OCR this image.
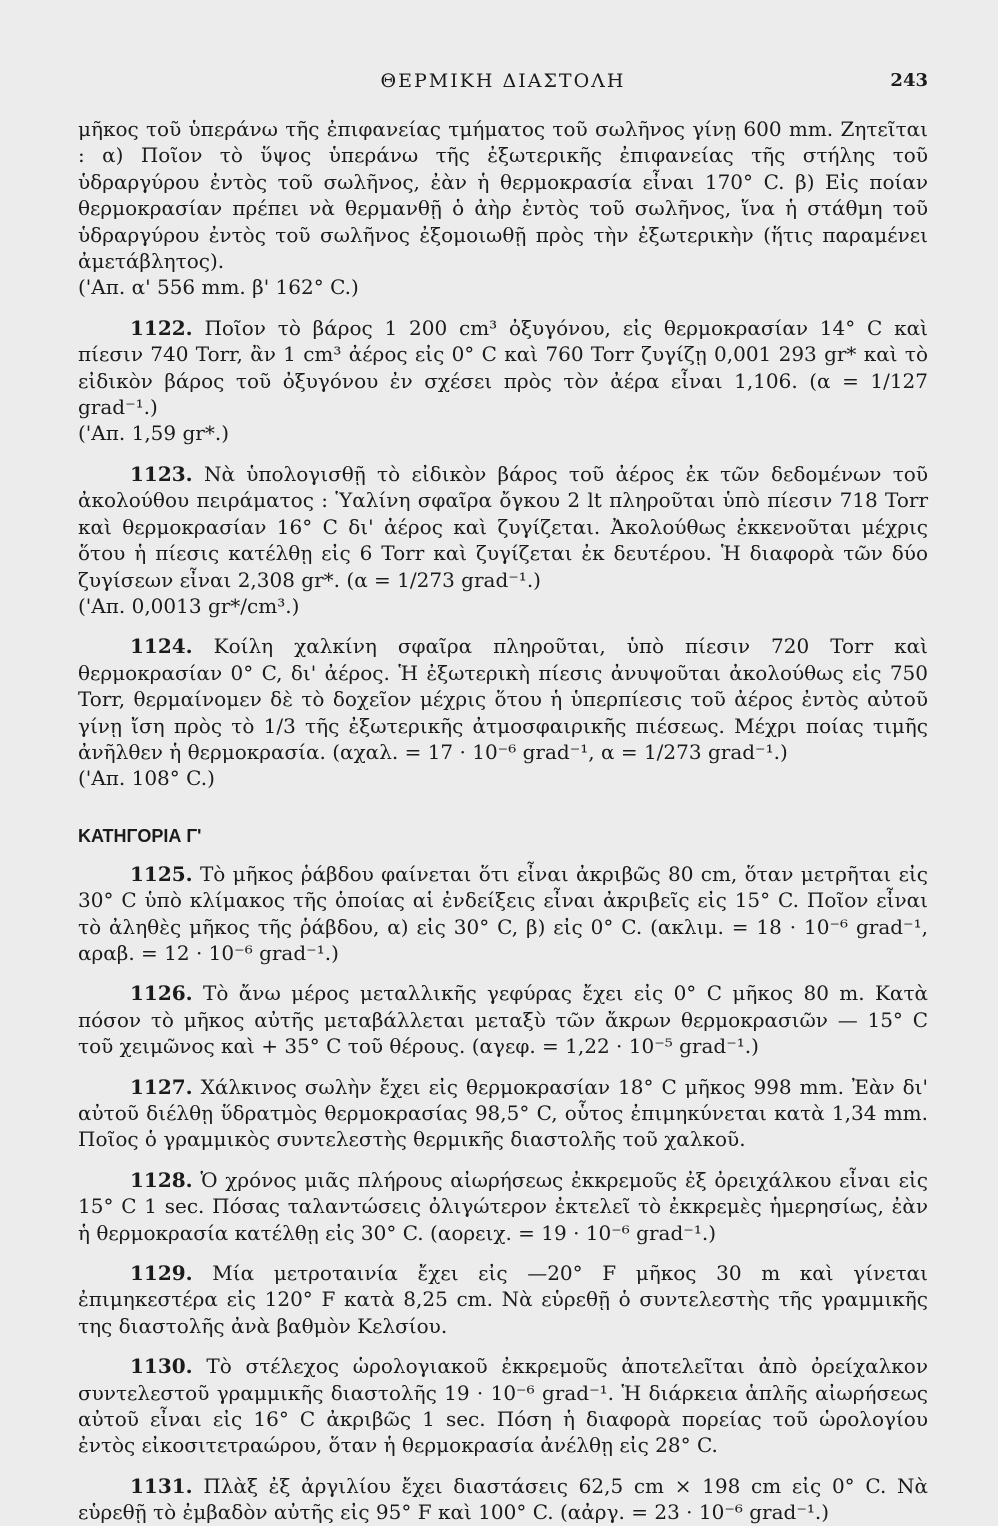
ΘΕΡΜΙΚΗ ΔΙΑΣΤΟΛΗ	243

μῆκος τοῦ ὑπεράνω τῆς ἐπιφανείας τμήματος τοῦ σωλῆνος γίνῃ 600 mm. Ζητεῖται : α) Ποῖον τὸ ὕψος ὑπεράνω τῆς ἐξωτερικῆς ἐπιφανείας τῆς στήλης τοῦ ὑδραργύρου ἐντὸς τοῦ σωλῆνος, ἐὰν ἡ θερμοκρασία εἶναι 170° C. β) Εἰς ποίαν θερμοκρασίαν πρέπει νὰ θερμανθῇ ὁ ἀὴρ ἐντὸς τοῦ σωλῆνος, ἵνα ἡ στάθμη τοῦ ὑδραργύρου ἐντὸς τοῦ σωλῆνος ἐξομοιωθῇ πρὸς τὴν ἐξωτερικὴν (ἥτις παραμένει ἀμετάβλητος).
('Απ. α' 556 mm. β' 162° C.)

1122. Ποῖον τὸ βάρος 1 200 cm³ ὀξυγόνου, εἰς θερμοκρασίαν 14° C καὶ πίεσιν 740 Torr, ἂν 1 cm³ ἀέρος εἰς 0° C καὶ 760 Torr ζυγίζῃ 0,001 293 gr* καὶ τὸ εἰδικὸν βάρος τοῦ ὀξυγόνου ἐν σχέσει πρὸς τὸν ἀέρα εἶναι 1,106. (α = 1/127 grad⁻¹.)
('Απ. 1,59 gr*.)

1123. Νὰ ὑπολογισθῇ τὸ εἰδικὸν βάρος τοῦ ἀέρος ἐκ τῶν δεδομένων τοῦ ἀκολούθου πειράματος : Ὑαλίνη σφαῖρα ὄγκου 2 lt πληροῦται ὑπὸ πίεσιν 718 Torr καὶ θερμοκρασίαν 16° C δι' ἀέρος καὶ ζυγίζεται. Ἀκολούθως ἐκκενοῦται μέχρις ὅτου ἡ πίεσις κατέλθῃ εἰς 6 Torr καὶ ζυγίζεται ἐκ δευτέρου. Ἡ διαφορὰ τῶν δύο ζυγίσεων εἶναι 2,308 gr*. (α = 1/273 grad⁻¹.)
('Απ. 0,0013 gr*/cm³.)

1124. Κοίλη χαλκίνη σφαῖρα πληροῦται, ὑπὸ πίεσιν 720 Torr καὶ θερμοκρασίαν 0° C, δι' ἀέρος. Ἡ ἐξωτερικὴ πίεσις ἀνυψοῦται ἀκολούθως εἰς 750 Torr, θερμαίνομεν δὲ τὸ δοχεῖον μέχρις ὅτου ἡ ὑπερπίεσις τοῦ ἀέρος ἐντὸς αὐτοῦ γίνῃ ἴση πρὸς τὸ 1/3 τῆς ἐξωτερικῆς ἀτμοσφαιρικῆς πιέσεως. Μέχρι ποίας τιμῆς ἀνῆλθεν ἡ θερμοκρασία. (αχαλ. = 17 · 10⁻⁶ grad⁻¹, α = 1/273 grad⁻¹.)
('Απ. 108° C.)

ΚΑΤΗΓΟΡΙΑ Γ'

1125. Τὸ μῆκος ῥάβδου φαίνεται ὅτι εἶναι ἀκριβῶς 80 cm, ὅταν μετρῆται εἰς 30° C ὑπὸ κλίμακος τῆς ὁποίας αἱ ἐνδείξεις εἶναι ἀκριβεῖς εἰς 15° C. Ποῖον εἶναι τὸ ἀληθὲς μῆκος τῆς ῥάβδου, α) εἰς 30° C, β) εἰς 0° C. (ακλιμ. = 18 · 10⁻⁶ grad⁻¹, αραβ. = 12 · 10⁻⁶ grad⁻¹.)

1126. Τὸ ἄνω μέρος μεταλλικῆς γεφύρας ἔχει εἰς 0° C μῆκος 80 m. Κατὰ πόσον τὸ μῆκος αὐτῆς μεταβάλλεται μεταξὺ τῶν ἄκρων θερμοκρασιῶν — 15° C τοῦ χειμῶνος καὶ + 35° C τοῦ θέρους. (αγεφ. = 1,22 · 10⁻⁵ grad⁻¹.)

1127. Χάλκινος σωλὴν ἔχει εἰς θερμοκρασίαν 18° C μῆκος 998 mm. Ἐὰν δι' αὐτοῦ διέλθῃ ὕδρατμὸς θερμοκρασίας 98,5° C, οὗτος ἐπιμηκύνεται κατὰ 1,34 mm. Ποῖος ὁ γραμμικὸς συντελεστὴς θερμικῆς διαστολῆς τοῦ χαλκοῦ.

1128. Ὁ χρόνος μιᾶς πλήρους αἰωρήσεως ἐκκρεμοῦς ἐξ ὀρειχάλκου εἶναι εἰς 15° C 1 sec. Πόσας ταλαντώσεις ὀλιγώτερον ἐκτελεῖ τὸ ἐκκρεμὲς ἡμερησίως, ἐὰν ἡ θερμοκρασία κατέλθῃ εἰς 30° C. (αορειχ. = 19 · 10⁻⁶ grad⁻¹.)

1129. Μία μετροταινία ἔχει εἰς —20° F μῆκος 30 m καὶ γίνεται ἐπιμηκεστέρα εἰς 120° F κατὰ 8,25 cm. Νὰ εὑρεθῇ ὁ συντελεστὴς τῆς γραμμικῆς της διαστολῆς ἀνὰ βαθμὸν Κελσίου.

1130. Τὸ στέλεχος ὡρολογιακοῦ ἐκκρεμοῦς ἀποτελεῖται ἀπὸ ὀρείχαλκον συντελεστοῦ γραμμικῆς διαστολῆς 19 · 10⁻⁶ grad⁻¹. Ἡ διάρκεια ἁπλῆς αἰωρήσεως αὐτοῦ εἶναι εἰς 16° C ἀκριβῶς 1 sec. Πόση ἡ διαφορὰ πορείας τοῦ ὡρολογίου ἐντὸς εἰκοσιτετραώρου, ὅταν ἡ θερμοκρασία ἀνέλθῃ εἰς 28° C.

1131. Πλὰξ ἐξ ἀργιλίου ἔχει διαστάσεις 62,5 cm × 198 cm εἰς 0° C. Νὰ εὑρεθῇ τὸ ἐμβαδὸν αὐτῆς εἰς 95° F καὶ 100° C. (αἀργ. = 23 · 10⁻⁶ grad⁻¹.)
